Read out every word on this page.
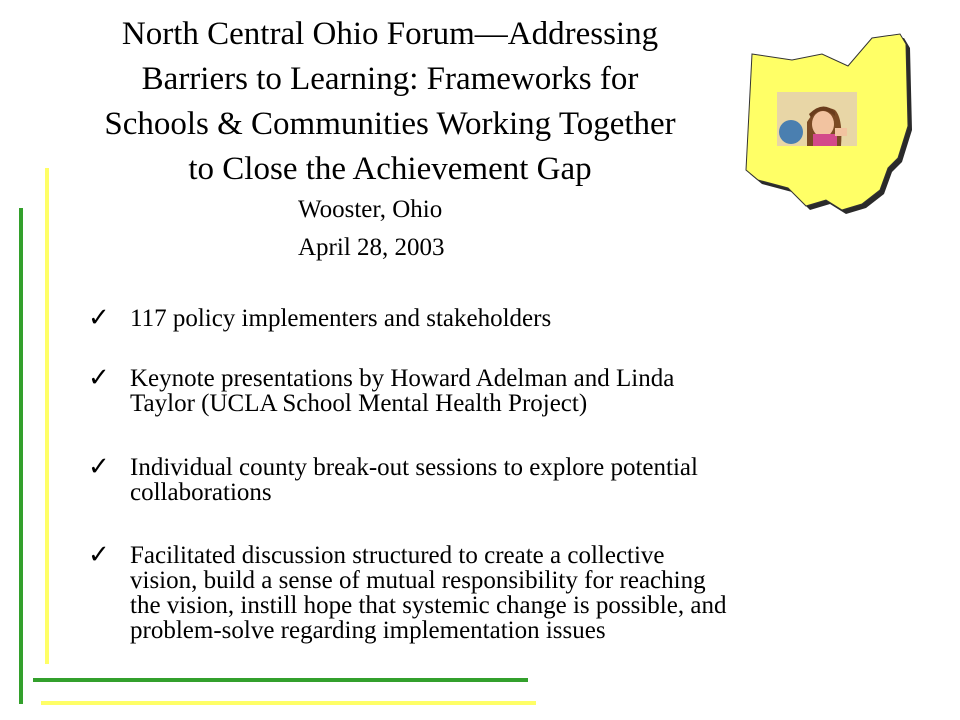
North Central Ohio Forum—Addressing
Barriers to Learning: Frameworks for
Schools & Communities Working Together
to Close the Achievement Gap
Wooster, Ohio
April 28, 2003
✓ 117 policy implementers and stakeholders
✓ Keynote presentations by Howard Adelman and Linda
Taylor (UCLA School Mental Health Project)
✓ Individual county break-out sessions to explore potential
collaborations
✓ Facilitated discussion structured to create a collective
vision, build a sense of mutual responsibility for reaching
the vision, instill hope that systemic change is possible, and
problem-solve regarding implementation issues
